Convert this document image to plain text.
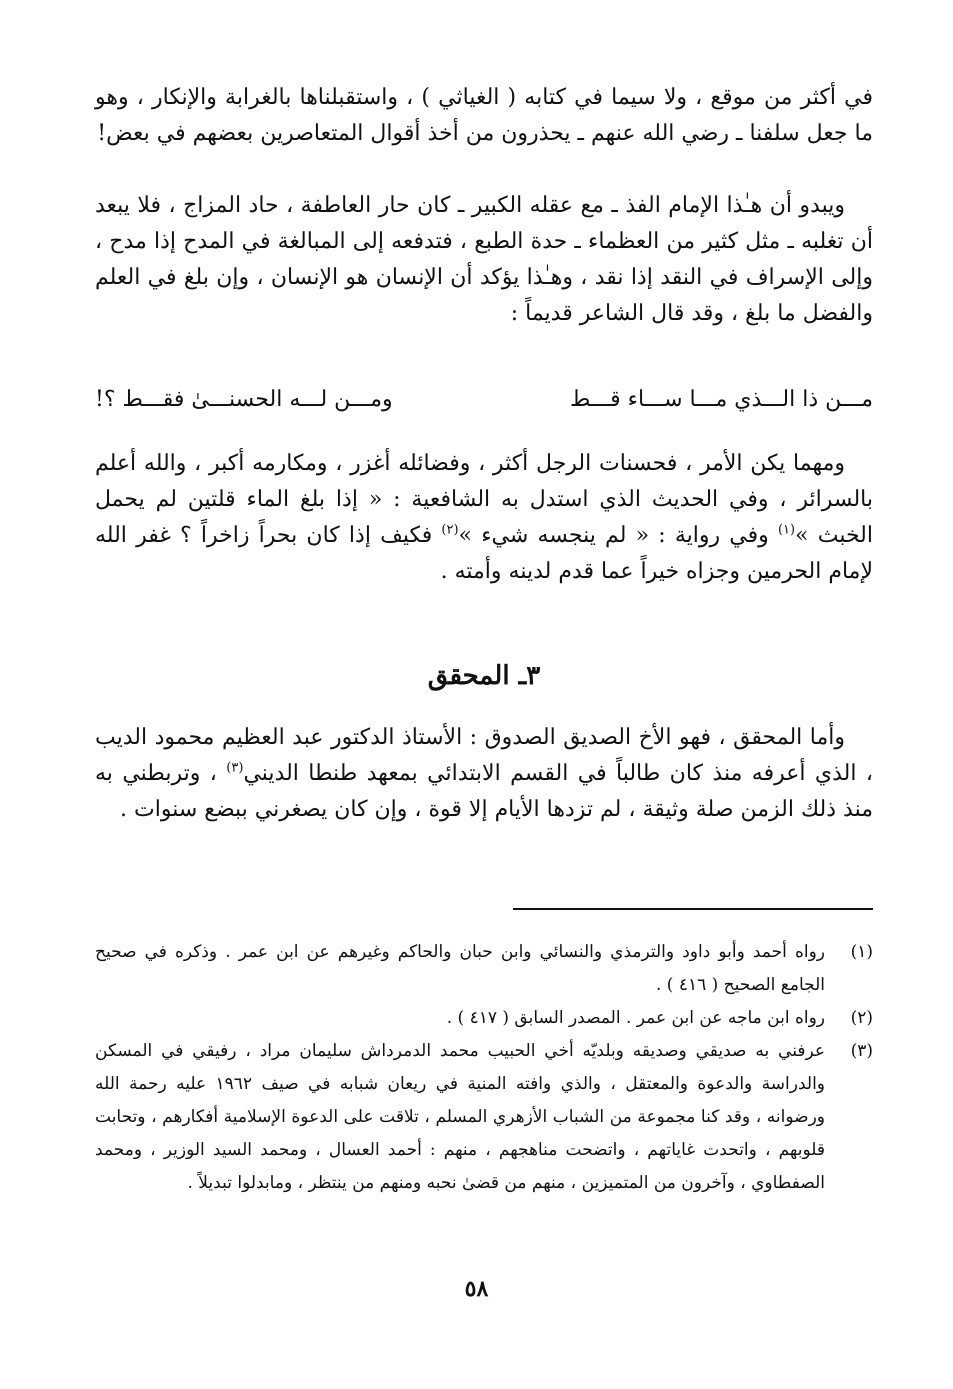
في أكثر من موقع ، ولا سيما في كتابه ( الغياثي ) ، واستقبلناها بالغرابة والإنكار ، وهو ما جعل سلفنا ـ رضي الله عنهم ـ يحذرون من أخذ أقوال المتعاصرين بعضهم في بعض!

ويبدو أن هـٰذا الإمام الفذ ـ مع عقله الكبير ـ كان حار العاطفة ، حاد المزاج ، فلا يبعد أن تغلبه ـ مثل كثير من العظماء ـ حدة الطبع ، فتدفعه إلى المبالغة في المدح إذا مدح ، وإلى الإسراف في النقد إذا نقد ، وهـٰذا يؤكد أن الإنسان هو الإنسان ، وإن بلغ في العلم والفضل ما بلغ ، وقد قال الشاعر قديماً :

مـــن ذا الـــذي مـــا ســـاء قـــط
ومـــن لـــه الحسنـــىٰ فقـــط ؟!

ومهما يكن الأمر ، فحسنات الرجل أكثر ، وفضائله أغزر ، ومكارمه أكبر ، والله أعلم بالسرائر ، وفي الحديث الذي استدل به الشافعية : « إذا بلغ الماء قلتين لم يحمل الخبث »$^{(١)}$ وفي رواية : « لم ينجسه شيء »$^{(٢)}$ فكيف إذا كان بحراً زاخراً ؟ غفر الله لإمام الحرمين وجزاه خيراً عما قدم لدينه وأمته .

٣ـ المحقق

وأما المحقق ، فهو الأخ الصديق الصدوق : الأستاذ الدكتور عبد العظيم محمود الديب ، الذي أعرفه منذ كان طالباً في القسم الابتدائي بمعهد طنطا الديني$^{(٣)}$ ، وتربطني به منذ ذلك الزمن صلة وثيقة ، لم تزدها الأيام إلا قوة ، وإن كان يصغرني ببضع سنوات .

(١)
رواه أحمد وأبو داود والترمذي والنسائي وابن حبان والحاكم وغيرهم عن ابن عمر . وذكره في صحيح الجامع الصحيح ( ٤١٦ ) .
(٢)
رواه ابن ماجه عن ابن عمر . المصدر السابق ( ٤١٧ ) .
(٣)
عرفني به صديقي وصديقه وبلديّه أخي الحبيب محمد الدمرداش سليمان مراد ، رفيقي في المسكن والدراسة والدعوة والمعتقل ، والذي وافته المنية في ريعان شبابه في صيف ١٩٦٢ عليه رحمة الله ورضوانه ، وقد كنا مجموعة من الشباب الأزهري المسلم ، تلاقت على الدعوة الإسلامية أفكارهم ، وتحابت قلوبهم ، واتحدت غاياتهم ، واتضحت مناهجهم ، منهم : أحمد العسال ، ومحمد السيد الوزير ، ومحمد الصفطاوي ، وآخرون من المتميزين ، منهم من قضىٰ نحبه ومنهم من ينتظر ، ومابدلوا تبديلاً .
٥٨
